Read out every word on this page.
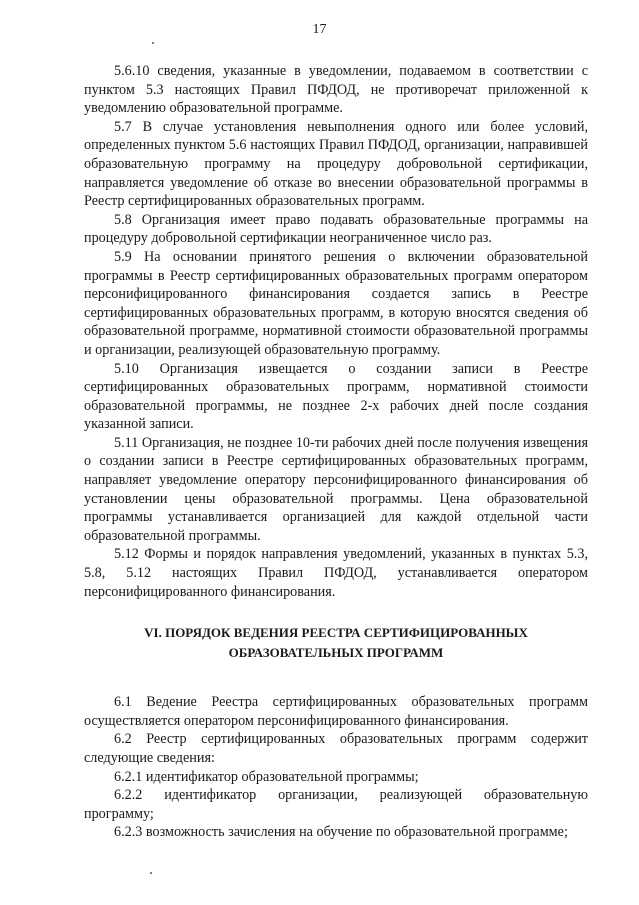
17

5.6.10 сведения, указанные в уведомлении, подаваемом в соответствии с пунктом 5.3 настоящих Правил ПФДОД, не противоречат приложенной к уведомлению образовательной программе.

5.7 В случае установления невыполнения одного или более условий, определенных пунктом 5.6 настоящих Правил ПФДОД, организации, направившей образовательную программу на процедуру добровольной сертификации, направляется уведомление об отказе во внесении образовательной программы в Реестр сертифицированных образовательных программ.

5.8 Организация имеет право подавать образовательные программы на процедуру добровольной сертификации неограниченное число раз.

5.9 На основании принятого решения о включении образовательной программы в Реестр сертифицированных образовательных программ оператором персонифицированного финансирования создается запись в Реестре сертифицированных образовательных программ, в которую вносятся сведения об образовательной программе, нормативной стоимости образовательной программы и организации, реализующей образовательную программу.

5.10 Организация извещается о создании записи в Реестре сертифицированных образовательных программ, нормативной стоимости образовательной программы, не позднее 2-х рабочих дней после создания указанной записи.

5.11 Организация, не позднее 10-ти рабочих дней после получения извещения о создании записи в Реестре сертифицированных образовательных программ, направляет уведомление оператору персонифицированного финансирования об установлении цены образовательной программы. Цена образовательной программы устанавливается организацией для каждой отдельной части образовательной программы.

5.12 Формы и порядок направления уведомлений, указанных в пунктах 5.3, 5.8, 5.12 настоящих Правил ПФДОД, устанавливается оператором персонифицированного финансирования.

VI. ПОРЯДОК ВЕДЕНИЯ РЕЕСТРА СЕРТИФИЦИРОВАННЫХ
ОБРАЗОВАТЕЛЬНЫХ ПРОГРАММ

6.1 Ведение Реестра сертифицированных образовательных программ осуществляется оператором персонифицированного финансирования.

6.2 Реестр сертифицированных образовательных программ содержит следующие сведения:

6.2.1 идентификатор образовательной программы;

6.2.2 идентификатор организации, реализующей образовательную программу;

6.2.3 возможность зачисления на обучение по образовательной программе;
